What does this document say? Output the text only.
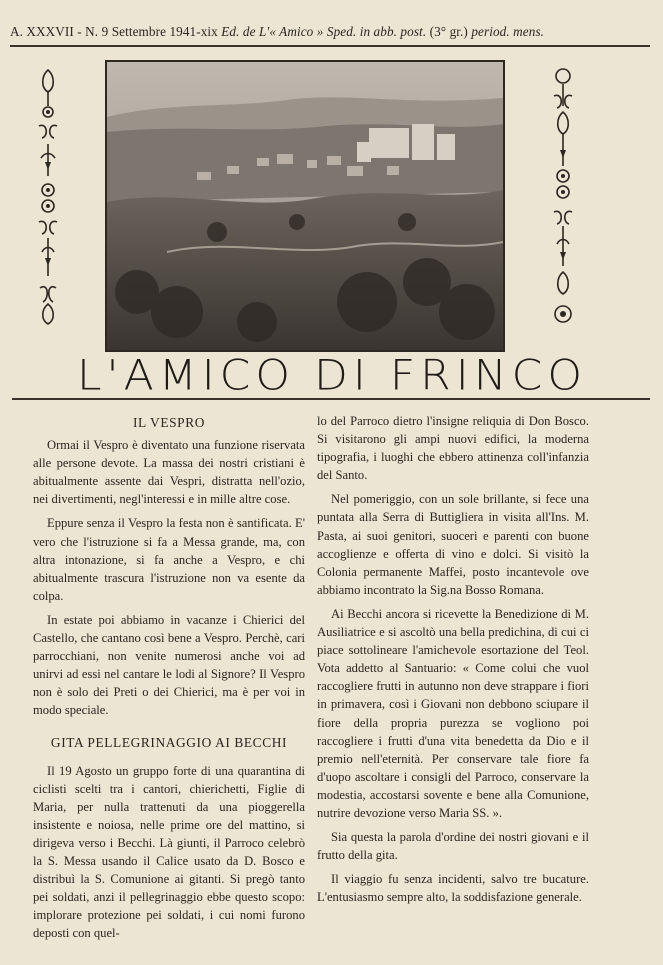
A. XXXVII - N. 9 Settembre 1941-xix Ed. de L'« Amico » Sped. in abb. post. (3° gr.) period. mens.
L'AMICO DI FRINCO
IL VESPRO

Ormai il Vespro è diventato una funzione riservata alle persone devote. La massa dei nostri cristiani è abitualmente assente dai Vespri, distratta nell'ozio, nei divertimenti, negl'interessi e in mille altre cose.

Eppure senza il Vespro la festa non è santificata. E' vero che l'istruzione si fa a Messa grande, ma, con altra intonazione, si fa anche a Vespro, e chi abitualmente trascura l'istruzione non va esente da colpa.

In estate poi abbiamo in vacanze i Chierici del Castello, che cantano così bene a Vespro. Perchè, cari parrocchiani, non venite numerosi anche voi ad unirvi ad essi nel cantare le lodi al Signore? Il Vespro non è solo dei Preti o dei Chierici, ma è per voi in modo speciale.

GITA PELLEGRINAGGIO AI BECCHI

Il 19 Agosto un gruppo forte di una quarantina di ciclisti scelti tra i cantori, chierichetti, Figlie di Maria, per nulla trattenuti da una pioggerella insistente e noiosa, nelle prime ore del mattino, si dirigeva verso i Becchi. Là giunti, il Parroco celebrò la S. Messa usando il Calice usato da D. Bosco e distribuì la S. Comunione ai gitanti. Si pregò tanto pei soldati, anzi il pellegrinaggio ebbe questo scopo: implorare protezione pei soldati, i cui nomi furono deposti con quel-

lo del Parroco dietro l'insigne reliquia di Don Bosco. Si visitarono gli ampi nuovi edifici, la moderna tipografia, i luoghi che ebbero attinenza coll'infanzia del Santo.

Nel pomeriggio, con un sole brillante, si fece una puntata alla Serra di Buttigliera in visita all'Ins. M. Pasta, ai suoi genitori, suoceri e parenti con buone accoglienze e offerta di vino e dolci. Si visitò la Colonia permanente Maffei, posto incantevole ove abbiamo incontrato la Sig.na Bosso Romana.

Ai Becchi ancora si ricevette la Benedizione di M. Ausiliatrice e si ascoltò una bella predichina, di cui ci piace sottolineare l'amichevole esortazione del Teol. Vota addetto al Santuario: « Come colui che vuol raccogliere frutti in autunno non deve strappare i fiori in primavera, così i Giovani non debbono sciupare il fiore della propria purezza se vogliono poi raccogliere i frutti d'una vita benedetta da Dio e il premio nell'eternità. Per conservare tale fiore fa d'uopo ascoltare i consigli del Parroco, conservare la modestia, accostarsi sovente e bene alla Comunione, nutrire devozione verso Maria SS. ».

Sia questa la parola d'ordine dei nostri giovani e il frutto della gita.

Il viaggio fu senza incidenti, salvo tre bucature. L'entusiasmo sempre alto, la soddisfazione generale.
